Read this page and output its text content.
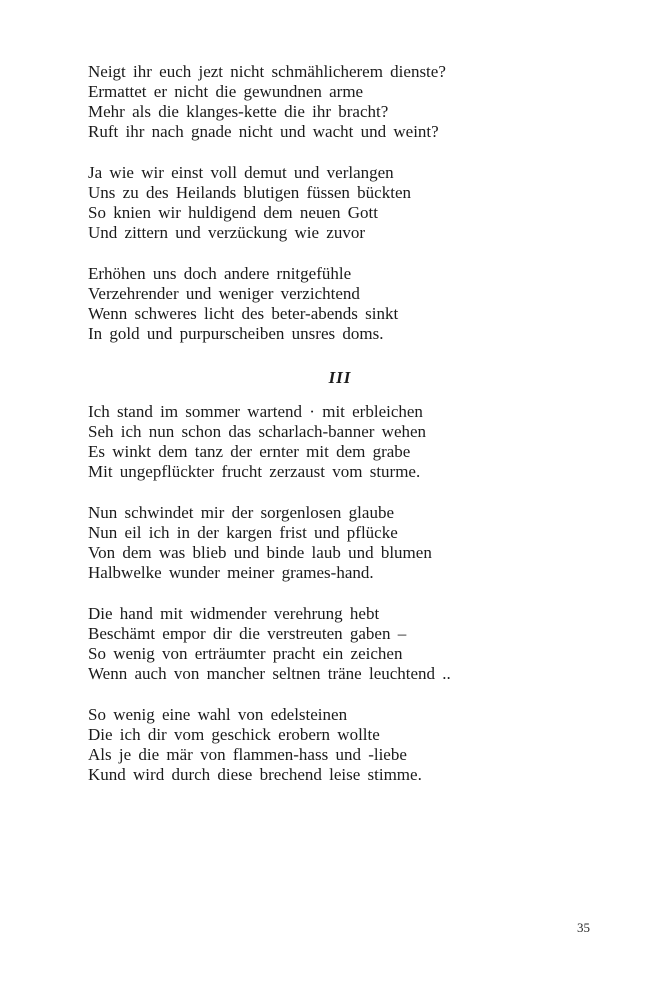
Neigt ihr euch jezt nicht schmählicherem dienste?
Ermattet er nicht die gewundnen arme
Mehr als die klanges-kette die ihr bracht?
Ruft ihr nach gnade nicht und wacht und weint?
Ja wie wir einst voll demut und verlangen
Uns zu des Heilands blutigen füssen bückten
So knien wir huldigend dem neuen Gott
Und zittern und verzückung wie zuvor
Erhöhen uns doch andere rnitgefühle
Verzehrender und weniger verzichtend
Wenn schweres licht des beter-abends sinkt
In gold und purpurscheiben unsres doms.
III
Ich stand im sommer wartend · mit erbleichen
Seh ich nun schon das scharlach-banner wehen
Es winkt dem tanz der ernter mit dem grabe
Mit ungepflückter frucht zerzaust vom sturme.
Nun schwindet mir der sorgenlosen glaube
Nun eil ich in der kargen frist und pflücke
Von dem was blieb und binde laub und blumen
Halbwelke wunder meiner grames-hand.
Die hand mit widmender verehrung hebt
Beschämt empor dir die verstreuten gaben –
So wenig von erträumter pracht ein zeichen
Wenn auch von mancher seltnen träne leuchtend ..
So wenig eine wahl von edelsteinen
Die ich dir vom geschick erobern wollte
Als je die mär von flammen-hass und -liebe
Kund wird durch diese brechend leise stimme.
35
